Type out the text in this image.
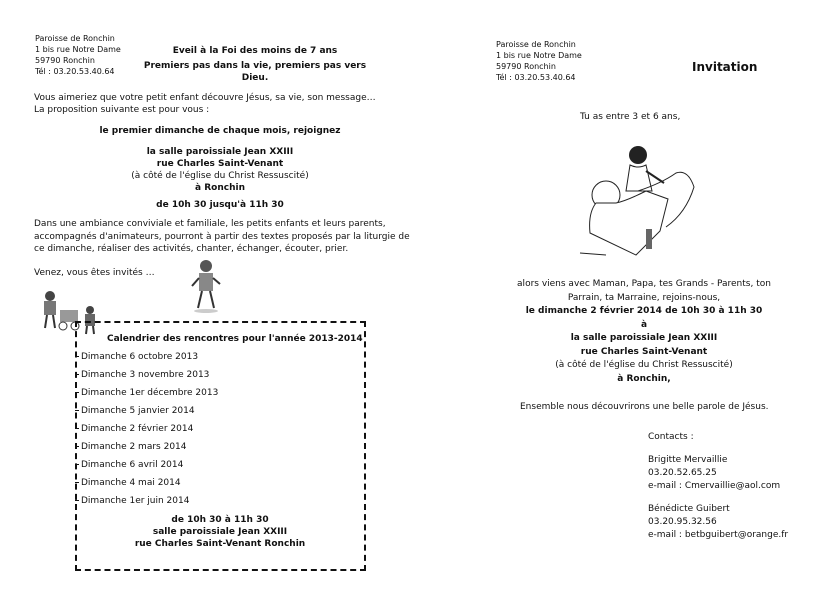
Paroisse de Ronchin
1 bis rue Notre Dame
59790 Ronchin
Tél : 03.20.53.40.64
Eveil à la Foi des moins de 7 ans
Premiers pas dans la vie, premiers pas vers Dieu.
Vous aimeriez que votre petit enfant découvre Jésus, sa vie, son message…
La proposition suivante est pour vous :
le premier dimanche de chaque mois, rejoignez
la salle paroissiale Jean XXIII
rue Charles Saint-Venant
(à côté de l'église du Christ Ressuscité)
à Ronchin
de 10h 30 jusqu'à 11h 30
Dans une ambiance conviviale et familiale, les petits enfants et leurs parents, accompagnés d'animateurs, pourront à partir des textes proposés par la liturgie de ce dimanche, réaliser des activités, chanter, échanger, écouter, prier.
Venez, vous êtes invités …
Calendrier des rencontres pour l'année 2013-2014
Dimanche 6 octobre 2013
Dimanche 3 novembre 2013
Dimanche 1er décembre 2013
Dimanche 5 janvier 2014
Dimanche 2 février 2014
Dimanche 2 mars 2014
Dimanche 6 avril 2014
Dimanche 4 mai 2014
Dimanche 1er juin 2014
de 10h 30 à 11h 30
salle paroissiale Jean XXIII
rue Charles Saint-Venant Ronchin
Paroisse de Ronchin
1 bis rue Notre Dame
59790 Ronchin
Tél : 03.20.53.40.64
Invitation
Tu as entre 3 et 6 ans,
alors viens avec Maman, Papa, tes Grands - Parents, ton
Parrain, ta Marraine, rejoins-nous,
le dimanche 2 février 2014 de 10h 30 à 11h 30
à
la salle paroissiale Jean XXIII
rue Charles Saint-Venant
(à côté de l'église du Christ Ressuscité)
à Ronchin,
Ensemble nous découvrirons une belle parole de Jésus.
Contacts :
Brigitte Mervaillie
03.20.52.65.25
e-mail : Cmervaillie@aol.com
Bénédicte Guibert
03.20.95.32.56
e-mail : betbguibert@orange.fr
